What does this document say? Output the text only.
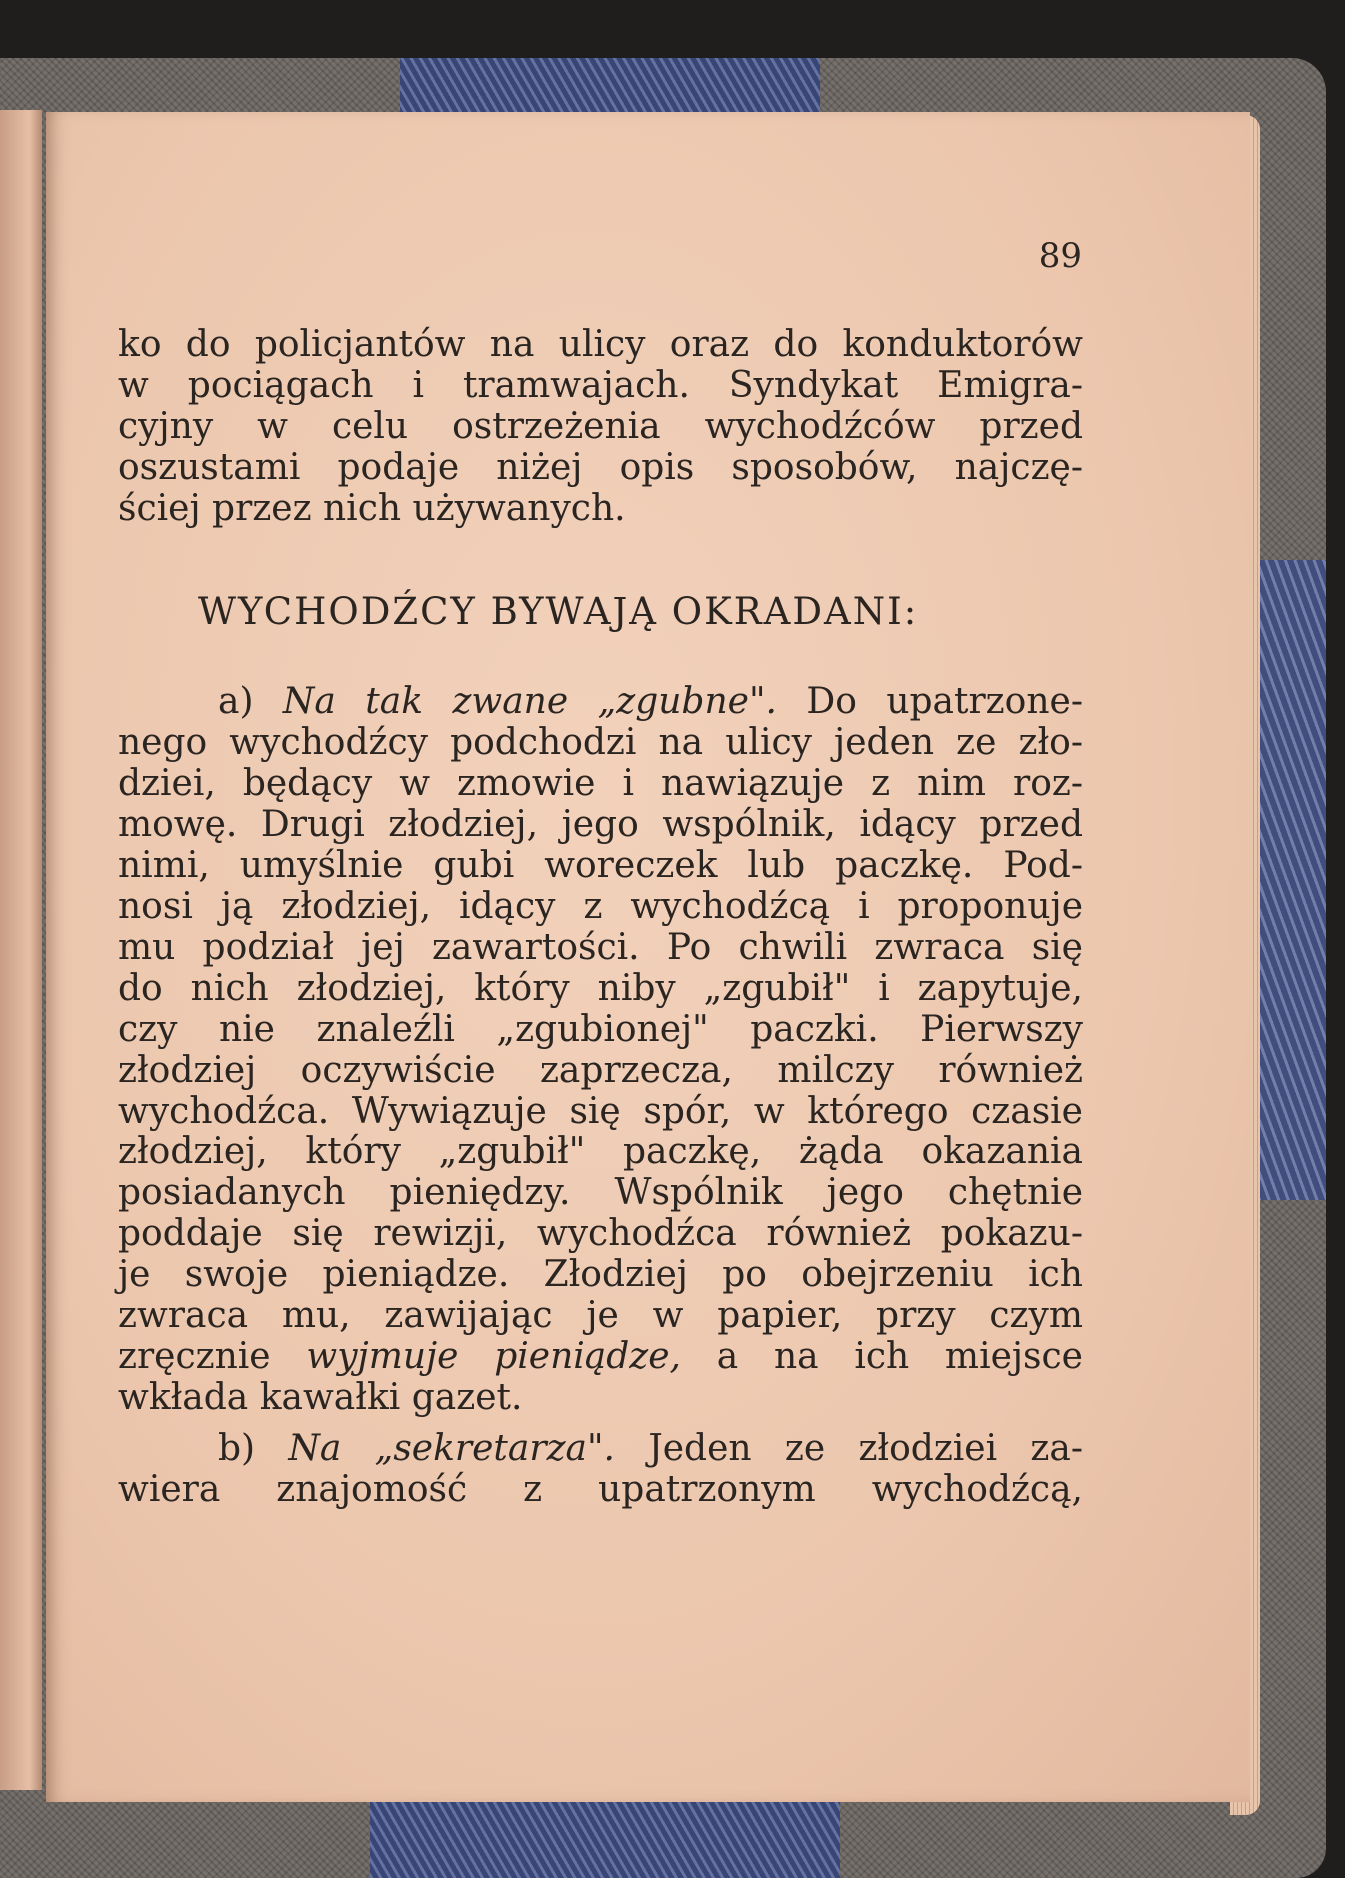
89
ko do policjantów na ulicy oraz do konduktorów
w pociągach i tramwajach. Syndykat Emigra-
cyjny w celu ostrzeżenia wychodźców przed
oszustami podaje niżej opis sposobów, najczę-
ściej przez nich używanych.
WYCHODŹCY BYWAJĄ OKRADANI:
a) Na tak zwane „zgubne". Do upatrzone-
nego wychodźcy podchodzi na ulicy jeden ze zło-
dziei, będący w zmowie i nawiązuje z nim roz-
mowę. Drugi złodziej, jego wspólnik, idący przed
nimi, umyślnie gubi woreczek lub paczkę. Pod-
nosi ją złodziej, idący z wychodźcą i proponuje
mu podział jej zawartości. Po chwili zwraca się
do nich złodziej, który niby „zgubił" i zapytuje,
czy nie znaleźli „zgubionej" paczki. Pierwszy
złodziej oczywiście zaprzecza, milczy również
wychodźca. Wywiązuje się spór, w którego czasie
złodziej, który „zgubił" paczkę, żąda okazania
posiadanych pieniędzy. Wspólnik jego chętnie
poddaje się rewizji, wychodźca również pokazu-
je swoje pieniądze. Złodziej po obejrzeniu ich
zwraca mu, zawijając je w papier, przy czym
zręcznie wyjmuje pieniądze, a na ich miejsce
wkłada kawałki gazet.
b) Na „sekretarza". Jeden ze złodziei za-
wiera znajomość z upatrzonym wychodźcą,
